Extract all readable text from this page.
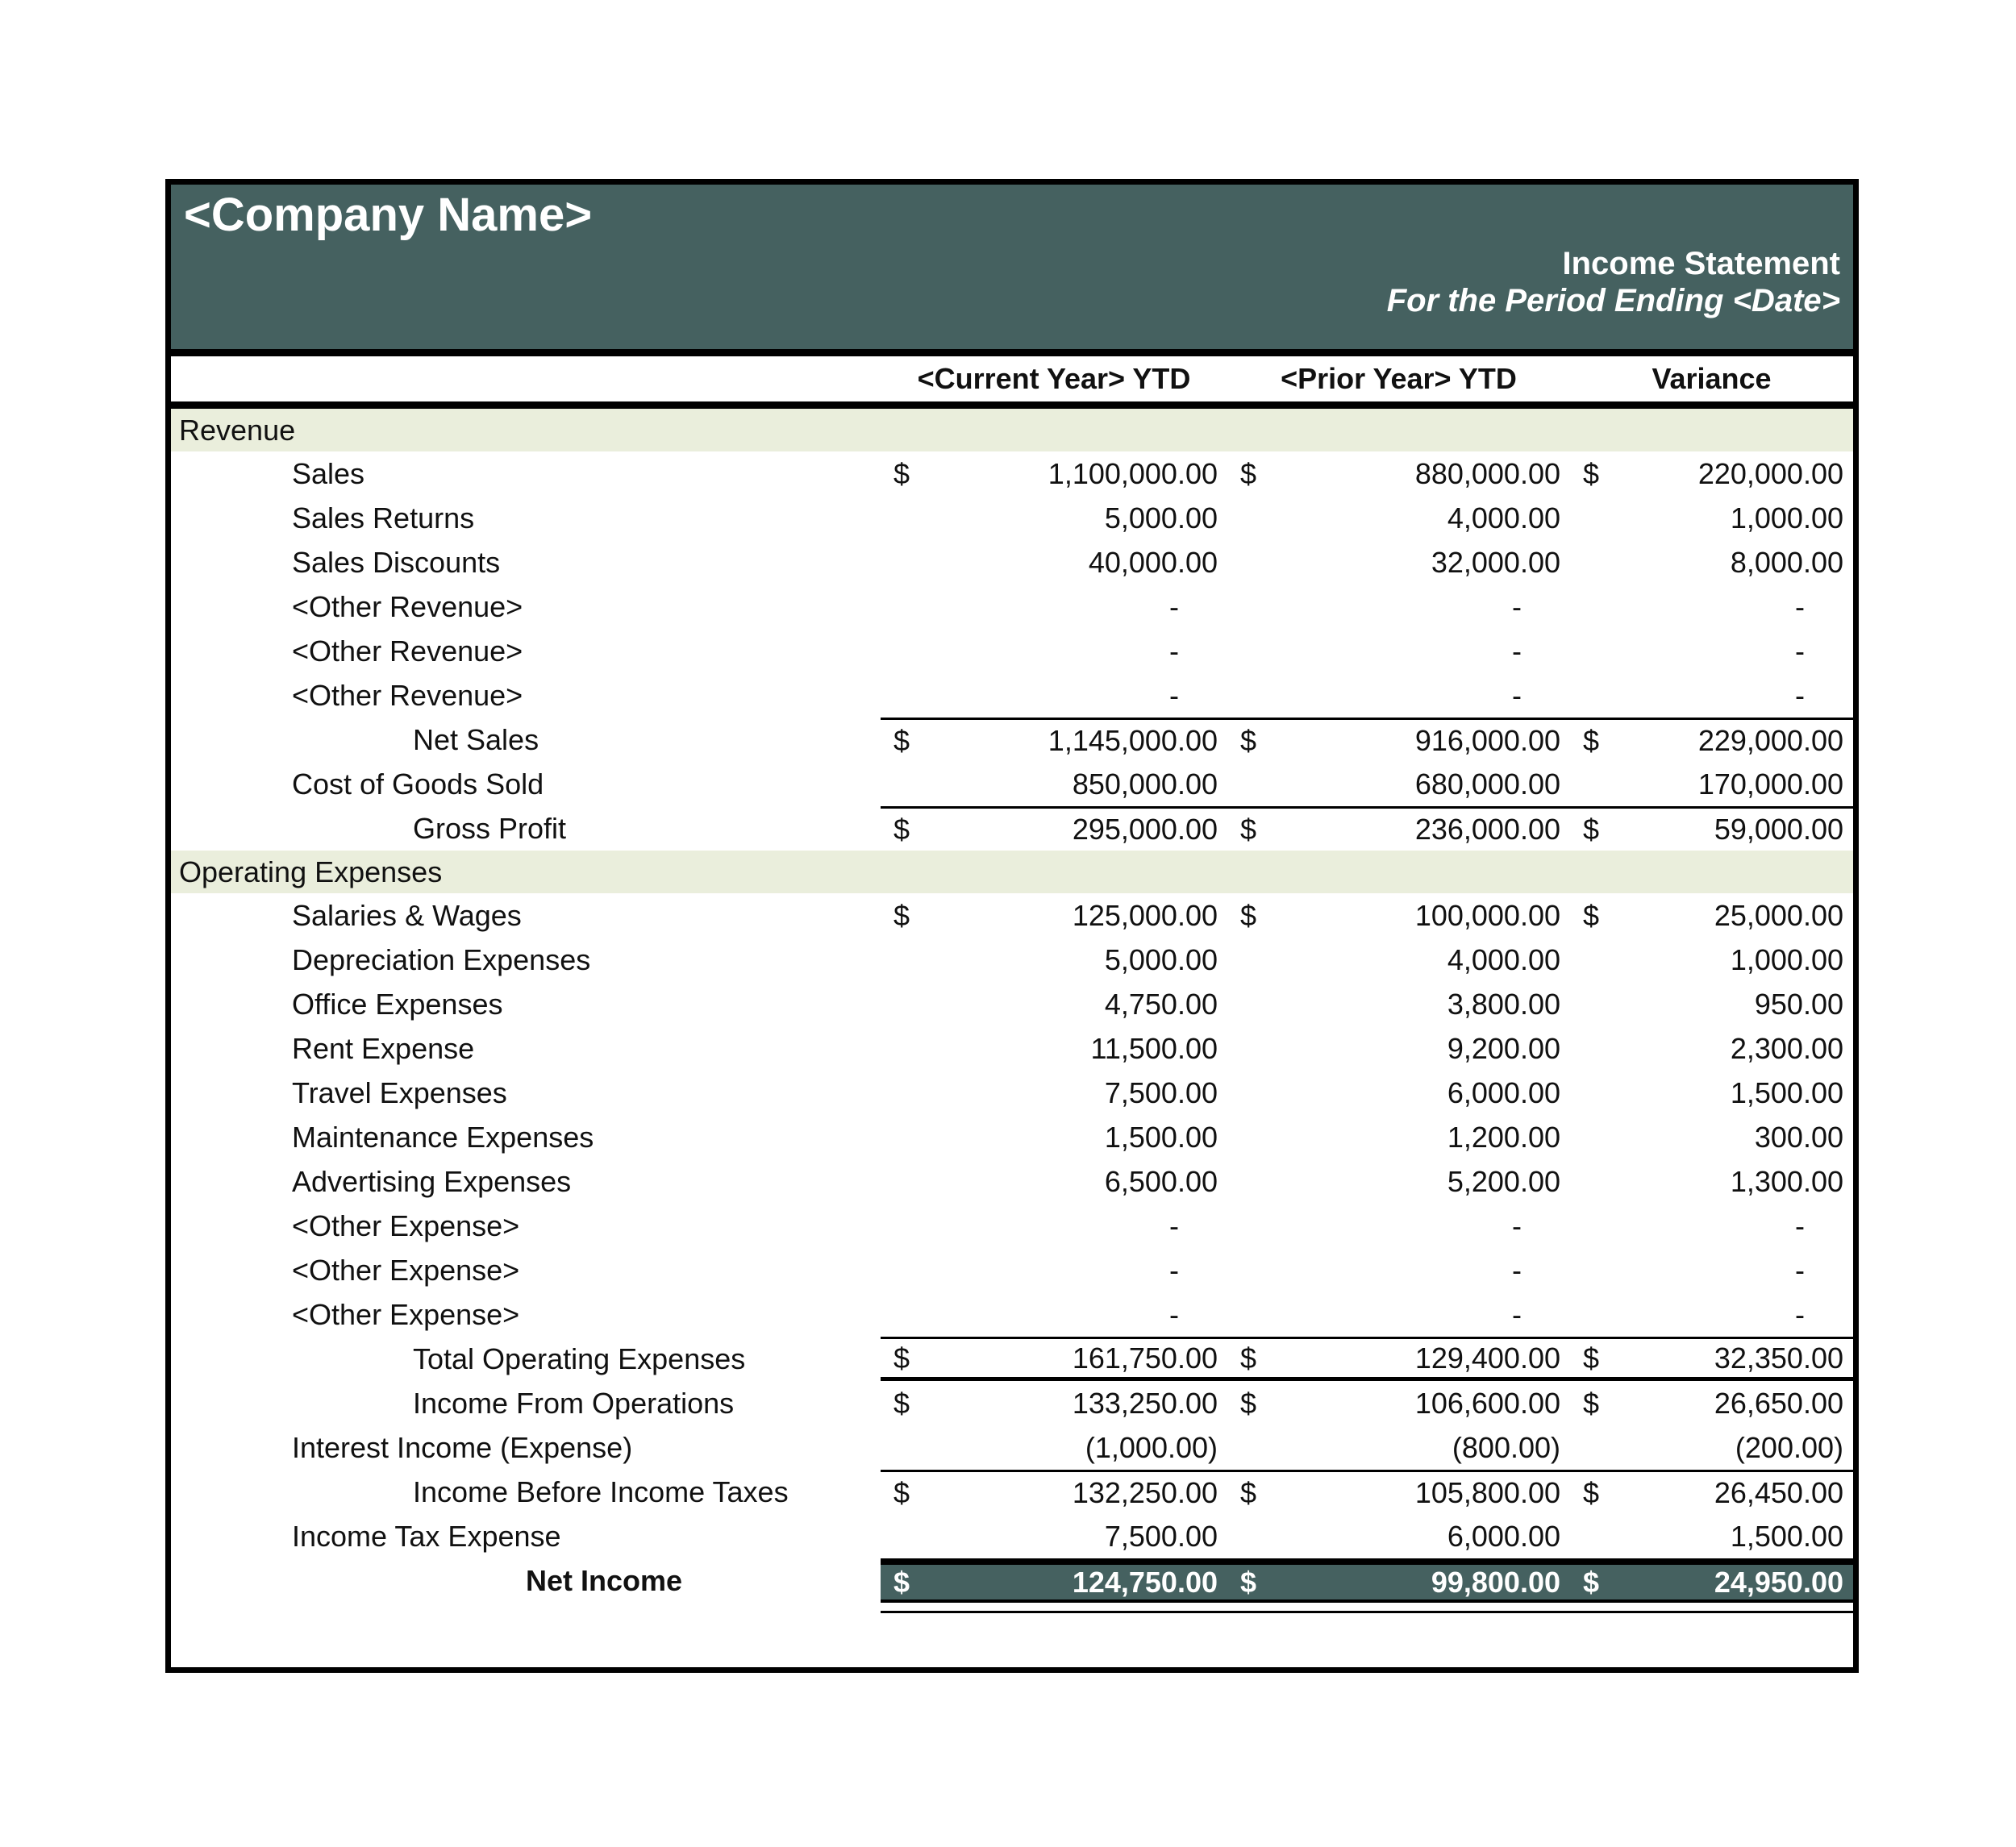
<Company Name>
Income Statement
For the Period Ending <Date>
<Current Year> YTD	<Prior Year> YTD	Variance
Revenue
Sales	$	1,100,000.00 $	880,000.00 $	220,000.00
Sales Returns	5,000.00	4,000.00	1,000.00
Sales Discounts	40,000.00	32,000.00	8,000.00
<Other Revenue>	-	-	-
<Other Revenue>	-	-	-
<Other Revenue>	-	-	-
Net Sales	$	1,145,000.00 $	916,000.00 $	229,000.00
Cost of Goods Sold	850,000.00	680,000.00	170,000.00
Gross Profit	$	295,000.00 $	236,000.00 $	59,000.00
Operating Expenses
Salaries & Wages	$	125,000.00 $	100,000.00 $	25,000.00
Depreciation Expenses	5,000.00	4,000.00	1,000.00
Office Expenses	4,750.00	3,800.00	950.00
Rent Expense	11,500.00	9,200.00	2,300.00
Travel Expenses	7,500.00	6,000.00	1,500.00
Maintenance Expenses	1,500.00	1,200.00	300.00
Advertising Expenses	6,500.00	5,200.00	1,300.00
<Other Expense>	-	-	-
<Other Expense>	-	-	-
<Other Expense>	-	-	-
Total Operating Expenses	$	161,750.00 $	129,400.00 $	32,350.00
Income From Operations	$	133,250.00 $	106,600.00 $	26,650.00
Interest Income (Expense)	(1,000.00)	(800.00)	(200.00)
Income Before Income Taxes	$	132,250.00 $	105,800.00 $	26,450.00
Income Tax Expense	7,500.00	6,000.00	1,500.00
Net Income	$	124,750.00 $	99,800.00 $	24,950.00
